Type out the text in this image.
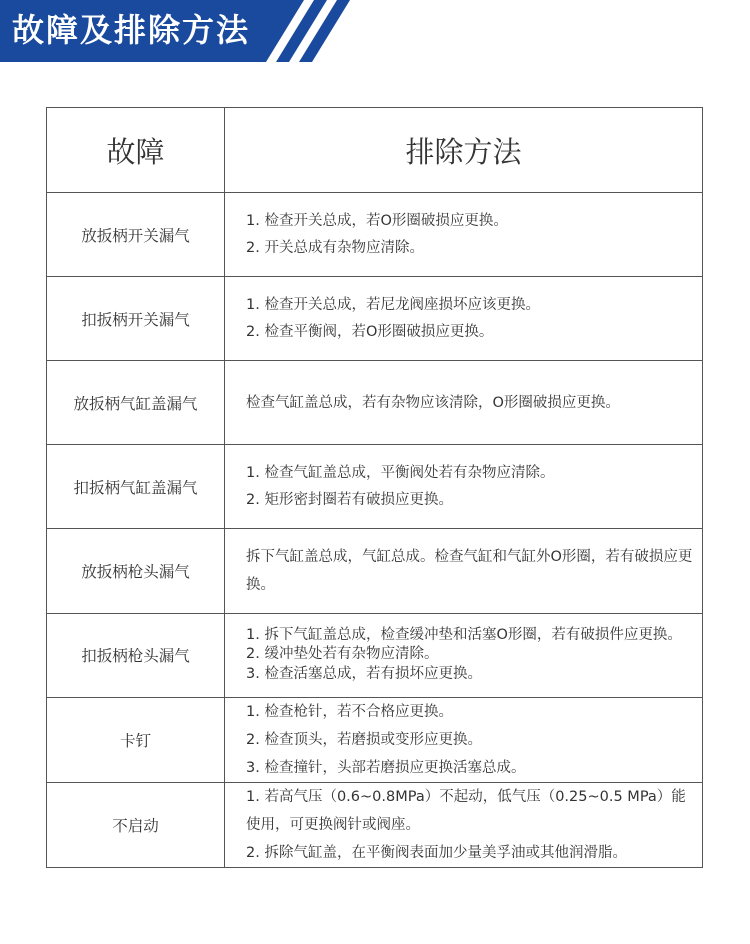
故障及排除方法
故障	排除方法
放扳柄开关漏气	1. 检查开关总成，若O形圈破损应更换。
2. 开关总成有杂物应清除。

扣扳柄开关漏气	1. 检查开关总成，若尼龙阀座损坏应该更换。
2. 检查平衡阀，若O形圈破损应更换。

放扳柄气缸盖漏气	检查气缸盖总成，若有杂物应该清除，O形圈破损应更换。

扣扳柄气缸盖漏气	1. 检查气缸盖总成，平衡阀处若有杂物应清除。
2. 矩形密封圈若有破损应更换。

放扳柄枪头漏气	拆下气缸盖总成，气缸总成。检查气缸和气缸外O形圈，若有破损应更换。

扣扳柄枪头漏气	1. 拆下气缸盖总成，检查缓冲垫和活塞O形圈，若有破损件应更换。
2. 缓冲垫处若有杂物应清除。
3. 检查活塞总成，若有损坏应更换。

卡钉	1. 检查枪针，若不合格应更换。
2. 检查顶头，若磨损或变形应更换。
3. 检查撞针，头部若磨损应更换活塞总成。

不启动	1. 若高气压（0.6~0.8MPa）不起动，低气压（0.25~0.5 MPa）能使用，可更换阀针或阀座。
2. 拆除气缸盖，在平衡阀表面加少量美孚油或其他润滑脂。
